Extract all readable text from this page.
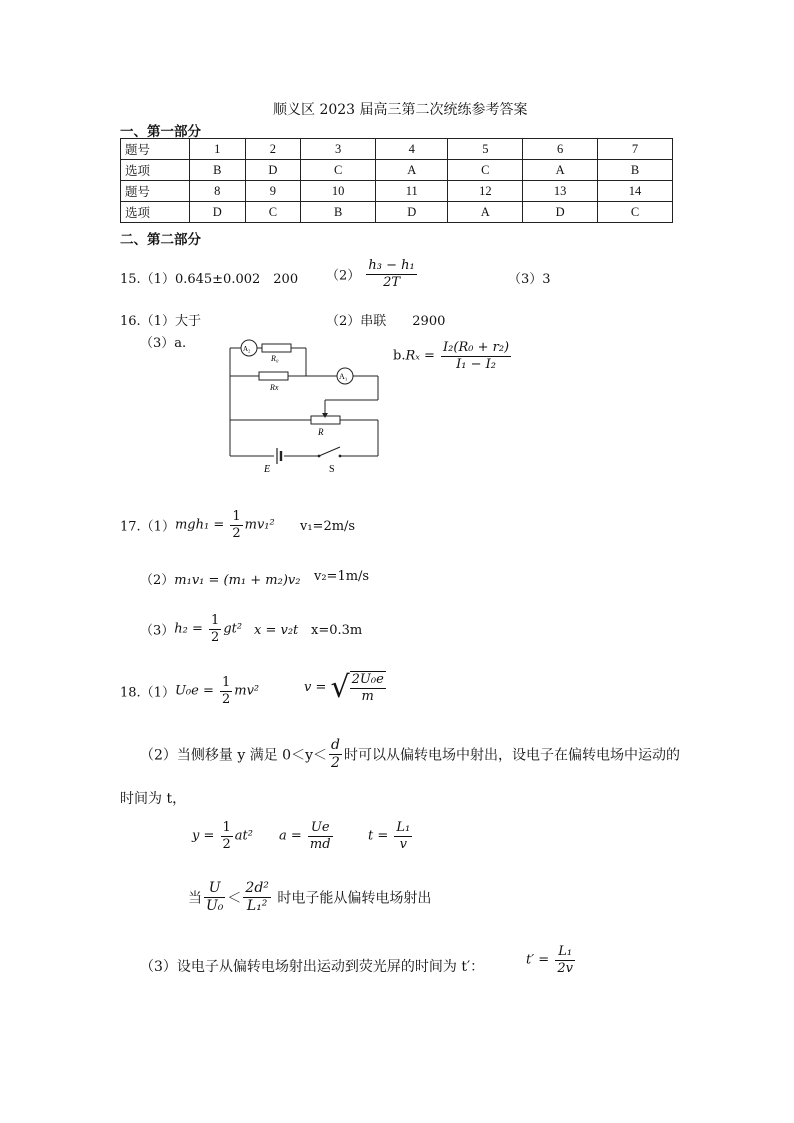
顺义区 2023 届高三第二次统练参考答案
一、第一部分
题号	1	2	3	4	5	6	7
选项	B	D	C	A	C	A	B
题号	8	9	10	11	12	13	14
选项	D	C	B	D	A	D	C
二、第二部分
15.（1）0.645±0.002　200 $(2) \frac{\text{h₃ − h₁}}{2T}$	（3）3
16.（1）大于	（2）串联　　2900
（3）a.	A₂
R₀
Rx
A₁
R
E	S
$b.R_x = \frac{\text{I₂(R₀ + r₂)}}{\text{I₁ − I₂}}$
$17.(1)mgh_1 = \frac{1}{2} mv_1^2$ v₁=2m/s
（2）m₁v₁ = (m₁ + m₂)v₂ v₂=1m/s
$(3)h_2 = \frac{1}{2} gt^2$ x = v₂t x=0.3m
$18.(1)U_0e = \frac{1}{2} mv^2$	v = √ $\frac{\text{2U₀e}}{m}$
（2）当侧移量 y 满足 $0<y< \frac{d}{2}$ 时可以从偏转电场中射出，设电子在偏转电场中运动的
时间为 t，
$y = \frac{1}{2} at^2$ $a = \frac{Ue}{md}$	$t = \frac{\text{L₁}}{v}$
当 $\frac{U}{\text{U₀}} < \frac{\text{2d²}}{\text{L₁²}}$ 时电子能从偏转电场射出
（3）设电子从偏转电场射出运动到荧光屏的时间为 t′：	$t' = \frac{\text{L₁}}{2v}$
